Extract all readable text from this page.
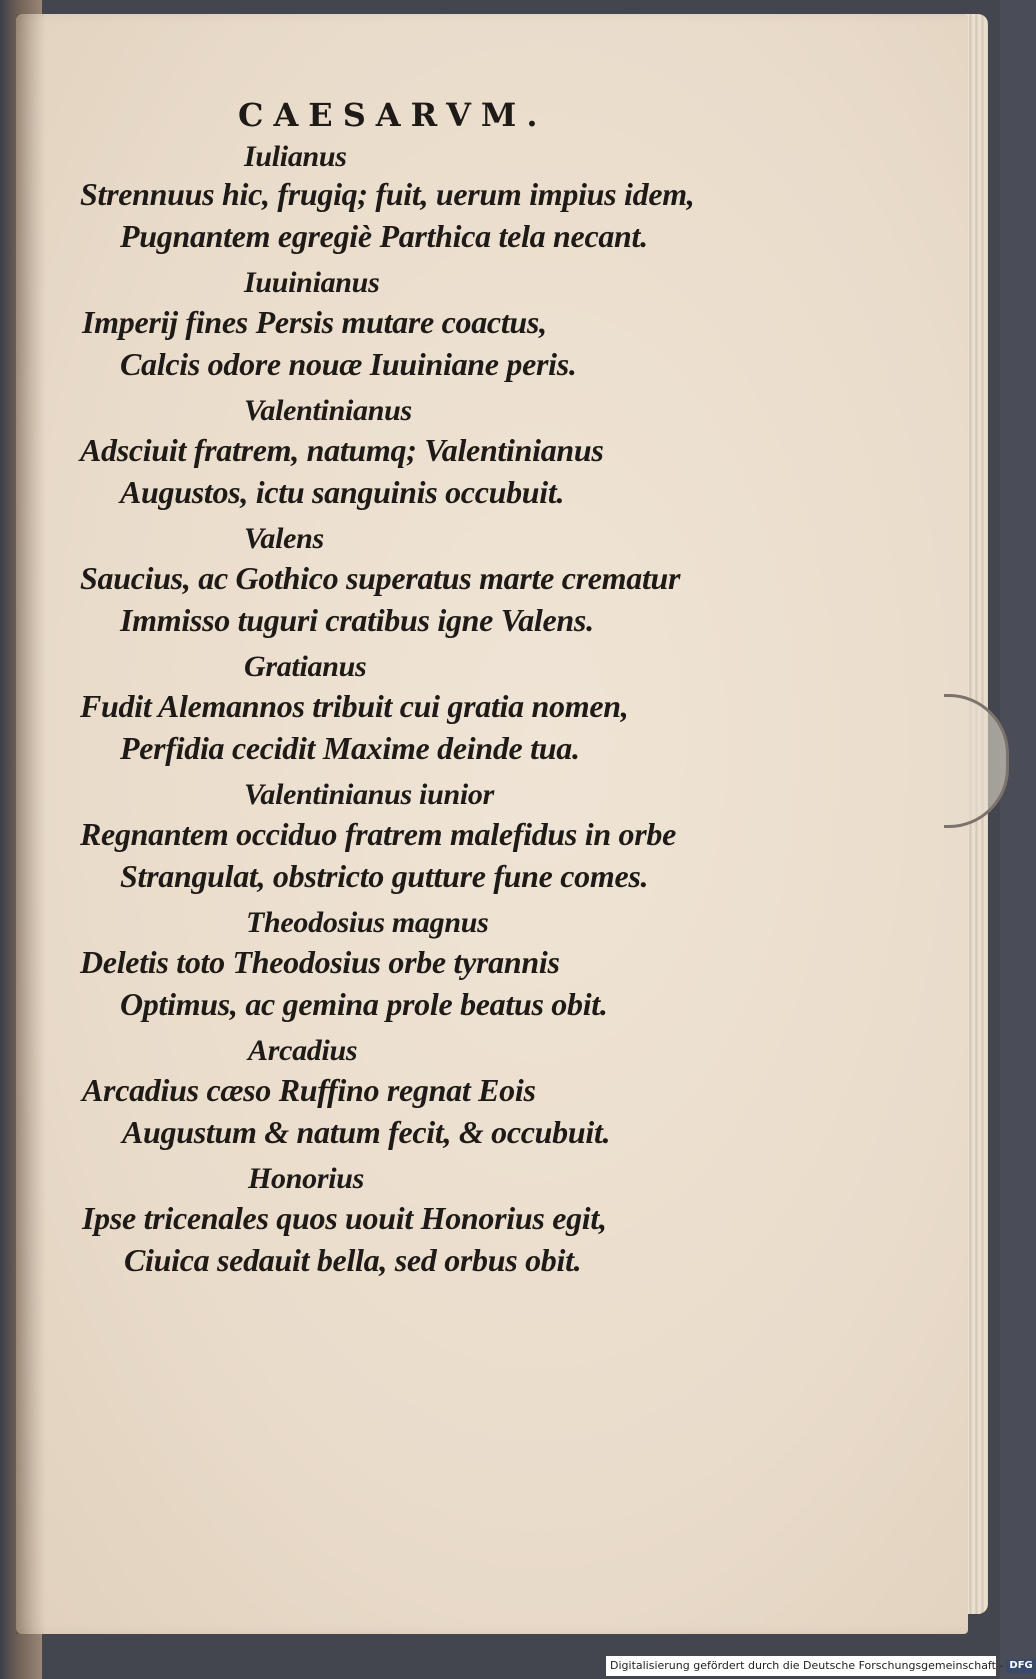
CAESARVM.
Iulianus
Strennuus hic, frugiq; fuit, uerum impius idem,
Pugnantem egregiè Parthica tela necant.
Iuuinianus
Imperij fines Persis mutare coactus,
Calcis odore nouæ Iuuiniane peris.
Valentinianus
Adsciuit fratrem, natumq; Valentinianus
Augustos, ictu sanguinis occubuit.
Valens
Saucius, ac Gothico superatus marte crematur
Immisso tuguri cratibus igne Valens.
Gratianus
Fudit Alemannos tribuit cui gratia nomen,
Perfidia cecidit Maxime deinde tua.
Valentinianus iunior
Regnantem occiduo fratrem malefidus in orbe
Strangulat, obstricto gutture fune comes.
Theodosius magnus
Deletis toto Theodosius orbe tyrannis
Optimus, ac gemina prole beatus obit.
Arcadius
Arcadius cæso Ruffino regnat Eois
Augustum & natum fecit, & occubuit.
Honorius
Ipse tricenales quos uouit Honorius egit,
Ciuica sedauit bella, sed orbus obit.
Digitalisierung gefördert durch die Deutsche Forschungsgemeinschaft - DFG
